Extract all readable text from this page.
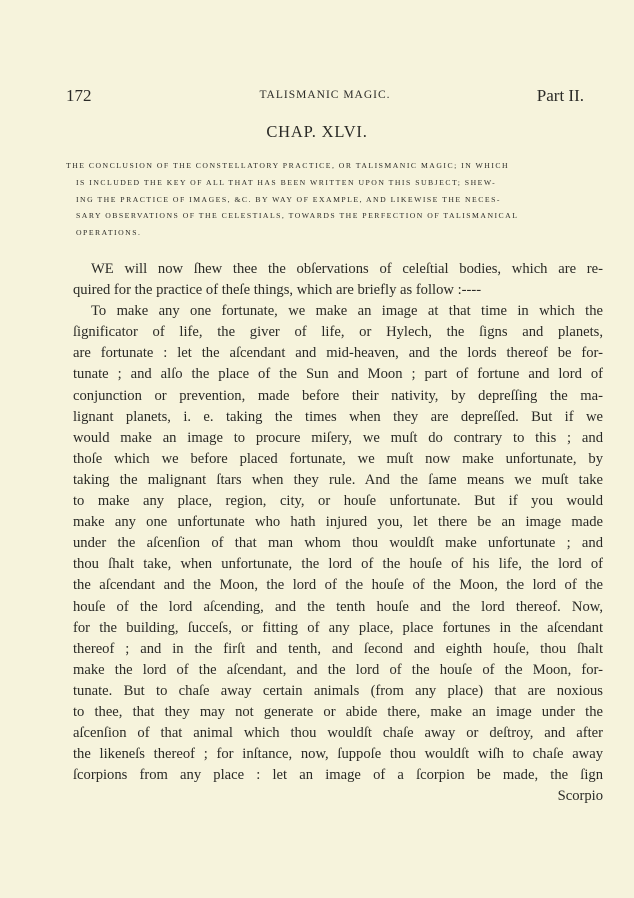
172	TALISMANIC MAGIC.	Part II.
CHAP. XLVI.
THE CONCLUSION OF THE CONSTELLATORY PRACTICE, OR TALISMANIC MAGIC; IN WHICH
IS INCLUDED THE KEY OF ALL THAT HAS BEEN WRITTEN UPON THIS SUBJECT; SHEW-
ING THE PRACTICE OF IMAGES, &C. BY WAY OF EXAMPLE, AND LIKEWISE THE NECES-
SARY OBSERVATIONS OF THE CELESTIALS, TOWARDS THE PERFECTION OF TALISMANICAL
OPERATIONS.
WE will now ſhew thee the obſervations of celeſtial bodies, which are re-
quired for the practice of theſe things, which are briefly as follow :----
To make any one fortunate, we make an image at that time in which the
ſignificator of life, the giver of life, or Hylech, the ſigns and planets,
are fortunate : let the aſcendant and mid-heaven, and the lords thereof be for-
tunate ; and alſo the place of the Sun and Moon ; part of fortune and lord of
conjunction or prevention, made before their nativity, by depreſſing the ma-
lignant planets, i. e. taking the times when they are depreſſed. But if we
would make an image to procure miſery, we muſt do contrary to this ; and
thoſe which we before placed fortunate, we muſt now make unfortunate, by
taking the malignant ſtars when they rule. And the ſame means we muſt take
to make any place, region, city, or houſe unfortunate. But if you would
make any one unfortunate who hath injured you, let there be an image made
under the aſcenſion of that man whom thou wouldſt make unfortunate ; and
thou ſhalt take, when unfortunate, the lord of the houſe of his life, the lord of
the aſcendant and the Moon, the lord of the houſe of the Moon, the lord of the
houſe of the lord aſcending, and the tenth houſe and the lord thereof. Now,
for the building, ſucceſs, or fitting of any place, place fortunes in the aſcendant
thereof ; and in the firſt and tenth, and ſecond and eighth houſe, thou ſhalt
make the lord of the aſcendant, and the lord of the houſe of the Moon, for-
tunate. But to chaſe away certain animals (from any place) that are noxious
to thee, that they may not generate or abide there, make an image under the
aſcenſion of that animal which thou wouldſt chaſe away or deſtroy, and after
the likeneſs thereof ; for inſtance, now, ſuppoſe thou wouldſt wiſh to chaſe away
ſcorpions from any place : let an image of a ſcorpion be made, the ſign
Scorpio
